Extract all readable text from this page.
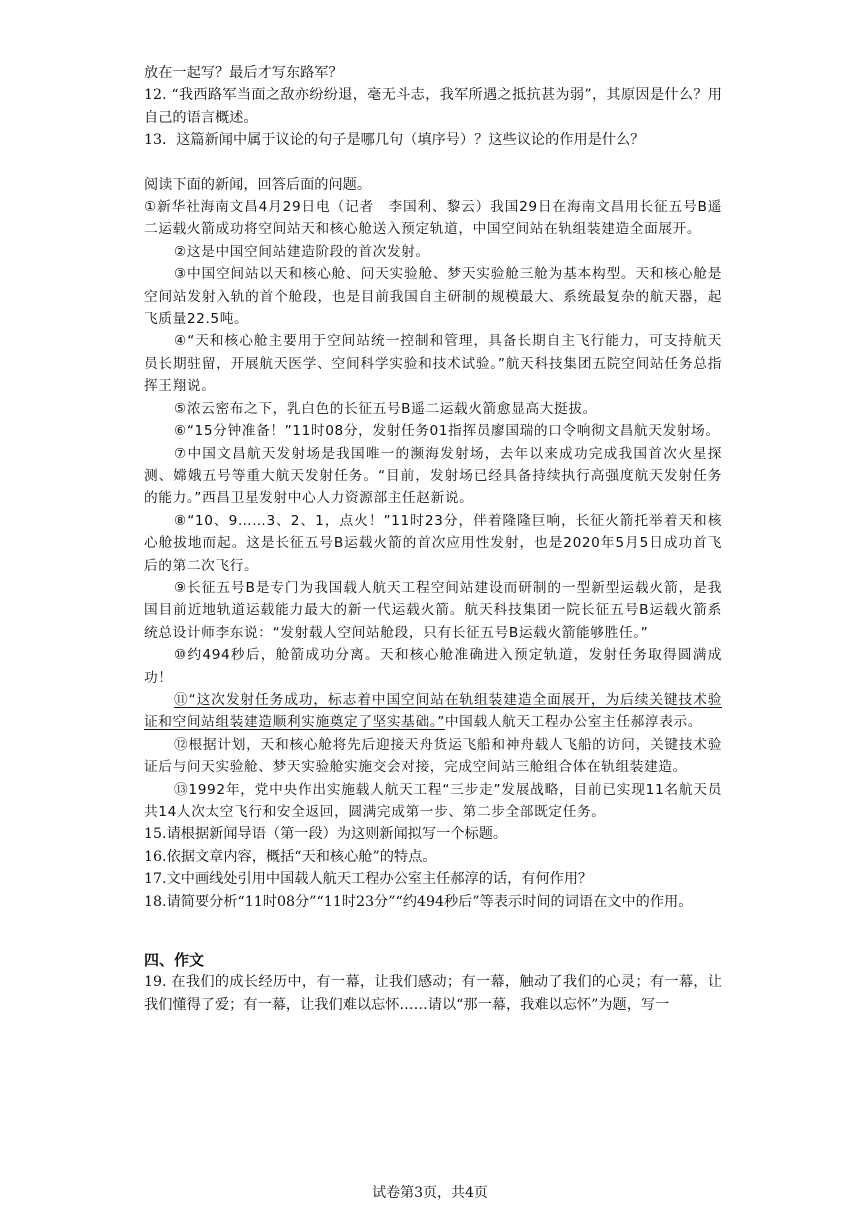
放在一起写？最后才写东路军？

12. “我西路军当面之敌亦纷纷退，毫无斗志，我军所遇之抵抗甚为弱”，其原因是什么？用自己的语言概述。

13．这篇新闻中属于议论的句子是哪几句（填序号）？这些议论的作用是什么？

阅读下面的新闻，回答后面的问题。

①新华社海南文昌4月29日电（记者　李国利、黎云）我国29日在海南文昌用长征五号B遥二运载火箭成功将空间站天和核心舱送入预定轨道，中国空间站在轨组装建造全面展开。

②这是中国空间站建造阶段的首次发射。

③中国空间站以天和核心舱、问天实验舱、梦天实验舱三舱为基本构型。天和核心舱是空间站发射入轨的首个舱段，也是目前我国自主研制的规模最大、系统最复杂的航天器，起飞质量22.5吨。

④“天和核心舱主要用于空间站统一控制和管理，具备长期自主飞行能力，可支持航天员长期驻留，开展航天医学、空间科学实验和技术试验。”航天科技集团五院空间站任务总指挥王翔说。

⑤浓云密布之下，乳白色的长征五号B遥二运载火箭愈显高大挺拔。

⑥“15分钟准备！”11时08分，发射任务01指挥员廖国瑞的口令响彻文昌航天发射场。

⑦中国文昌航天发射场是我国唯一的濒海发射场，去年以来成功完成我国首次火星探测、嫦娥五号等重大航天发射任务。“目前，发射场已经具备持续执行高强度航天发射任务的能力。”西昌卫星发射中心人力资源部主任赵新说。

⑧“10、9……3、2、1，点火！”11时23分，伴着隆隆巨响，长征火箭托举着天和核心舱拔地而起。这是长征五号B运载火箭的首次应用性发射，也是2020年5月5日成功首飞后的第二次飞行。

⑨长征五号B是专门为我国载人航天工程空间站建设而研制的一型新型运载火箭，是我国目前近地轨道运载能力最大的新一代运载火箭。航天科技集团一院长征五号B运载火箭系统总设计师李东说：“发射载人空间站舱段，只有长征五号B运载火箭能够胜任。”

⑩约494秒后，舱箭成功分离。天和核心舱准确进入预定轨道，发射任务取得圆满成功！

⑪“这次发射任务成功，标志着中国空间站在轨组装建造全面展开，为后续关键技术验证和空间站组装建造顺利实施奠定了坚实基础。”中国载人航天工程办公室主任郝淳表示。

⑫根据计划，天和核心舱将先后迎接天舟货运飞船和神舟载人飞船的访问，关键技术验证后与问天实验舱、梦天实验舱实施交会对接，完成空间站三舱组合体在轨组装建造。

⑬1992年，党中央作出实施载人航天工程“三步走”发展战略，目前已实现11名航天员共14人次太空飞行和安全返回，圆满完成第一步、第二步全部既定任务。

15.请根据新闻导语（第一段）为这则新闻拟写一个标题。

16.依据文章内容，概括“天和核心舱”的特点。

17.文中画线处引用中国载人航天工程办公室主任郝淳的话，有何作用？

18.请简要分析“11时08分”“11时23分”“约494秒后”等表示时间的词语在文中的作用。

四、作文

19. 在我们的成长经历中，有一幕，让我们感动；有一幕，触动了我们的心灵；有一幕，让我们懂得了爱；有一幕，让我们难以忘怀……请以“那一幕，我难以忘怀”为题，写一

试卷第3页，共4页
